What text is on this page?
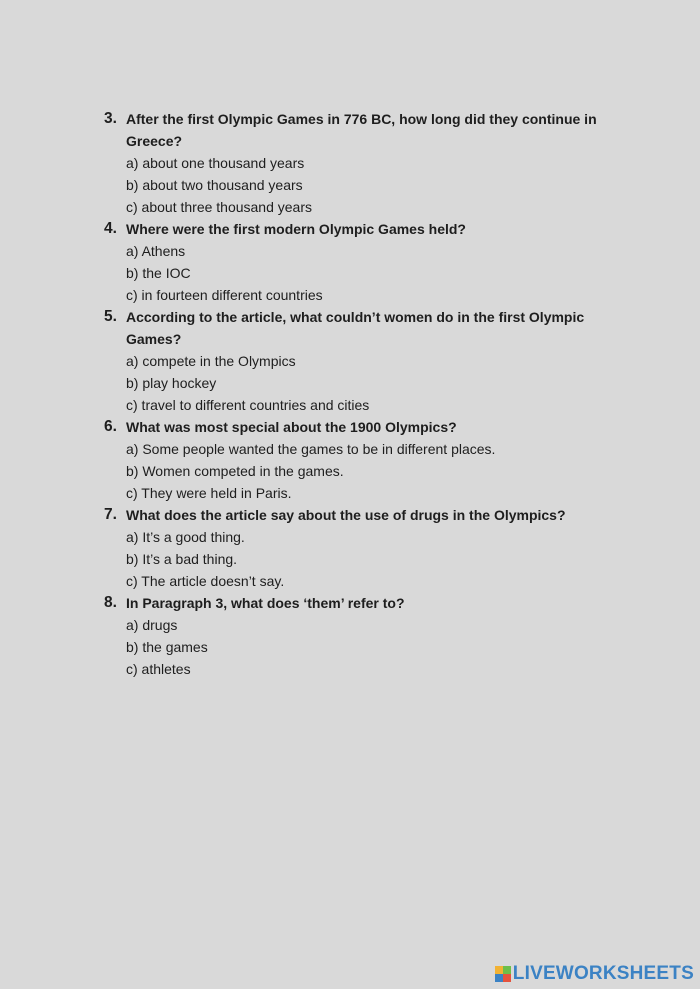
3. After the first Olympic Games in 776 BC, how long did they continue in Greece?
a) about one thousand years
b) about two thousand years
c) about three thousand years
4. Where were the first modern Olympic Games held?
a) Athens
b) the IOC
c) in fourteen different countries
5. According to the article, what couldn’t women do in the first Olympic Games?
a) compete in the Olympics
b) play hockey
c) travel to different countries and cities
6. What was most special about the 1900 Olympics?
a) Some people wanted the games to be in different places.
b) Women competed in the games.
c) They were held in Paris.
7. What does the article say about the use of drugs in the Olympics?
a) It’s a good thing.
b) It’s a bad thing.
c) The article doesn’t say.
8. In Paragraph 3, what does ‘them’ refer to?
a) drugs
b) the games
c) athletes
LIVEWORKSHEETS
